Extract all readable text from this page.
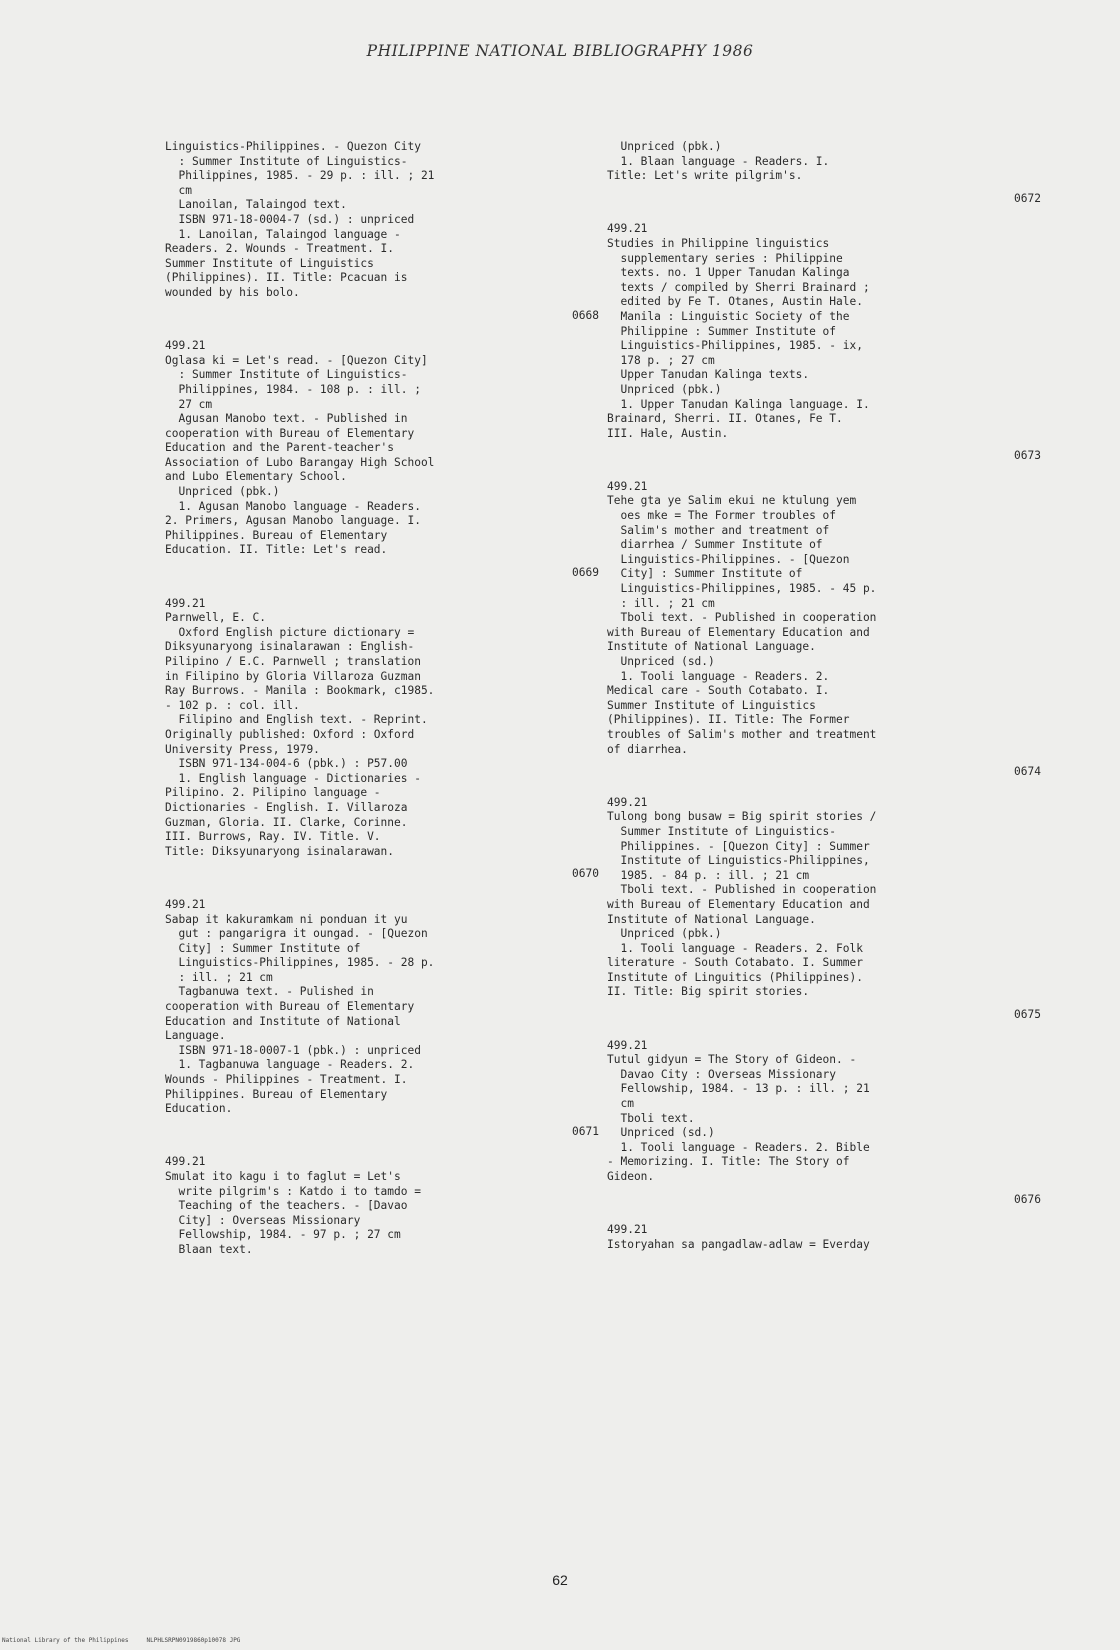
PHILIPPINE NATIONAL BIBLIOGRAPHY 1986
Linguistics-Philippines. - Quezon City
: Summer Institute of Linguistics-
Philippines, 1985. - 29 p. : ill. ; 21
cm
Lanoilan, Talaingod text.
ISBN 971-18-0004-7 (sd.) : unpriced
1. Lanoilan, Talaingod language -
Readers. 2. Wounds - Treatment. I.
Summer Institute of Linguistics
(Philippines). II. Title: Pcacuan is
wounded by his bolo.
0668
499.21
Oglasa ki = Let's read. - [Quezon City]
: Summer Institute of Linguistics-
Philippines, 1984. - 108 p. : ill. ;
27 cm
Agusan Manobo text. - Published in
cooperation with Bureau of Elementary
Education and the Parent-teacher's
Association of Lubo Barangay High School
and Lubo Elementary School.
Unpriced (pbk.)
1. Agusan Manobo language - Readers.
2. Primers, Agusan Manobo language. I.
Philippines. Bureau of Elementary
Education. II. Title: Let's read.
0669
499.21
Parnwell, E. C.
Oxford English picture dictionary =
Diksyunaryong isinalarawan : English-
Pilipino / E.C. Parnwell ; translation
in Filipino by Gloria Villaroza Guzman
Ray Burrows. - Manila : Bookmark, c1985.
- 102 p. : col. ill.
Filipino and English text. - Reprint.
Originally published: Oxford : Oxford
University Press, 1979.
ISBN 971-134-004-6 (pbk.) : P57.00
1. English language - Dictionaries -
Pilipino. 2. Pilipino language -
Dictionaries - English. I. Villaroza
Guzman, Gloria. II. Clarke, Corinne.
III. Burrows, Ray. IV. Title. V.
Title: Diksyunaryong isinalarawan.
0670
499.21
Sabap it kakuramkam ni ponduan it yu
gut : pangarigra it oungad. - [Quezon
City] : Summer Institute of
Linguistics-Philippines, 1985. - 28 p.
: ill. ; 21 cm
Tagbanuwa text. - Pulished in
cooperation with Bureau of Elementary
Education and Institute of National
Language.
ISBN 971-18-0007-1 (pbk.) : unpriced
1. Tagbanuwa language - Readers. 2.
Wounds - Philippines - Treatment. I.
Philippines. Bureau of Elementary
Education.
0671
499.21
Smulat ito kagu i to faglut = Let's
write pilgrim's : Katdo i to tamdo =
Teaching of the teachers. - [Davao
City] : Overseas Missionary
Fellowship, 1984. - 97 p. ; 27 cm
Blaan text.
Unpriced (pbk.)
1. Blaan language - Readers. I.
Title: Let's write pilgrim's.
0672
499.21
Studies in Philippine linguistics
supplementary series : Philippine
texts. no. 1 Upper Tanudan Kalinga
texts / compiled by Sherri Brainard ;
edited by Fe T. Otanes, Austin Hale.
Manila : Linguistic Society of the
Philippine : Summer Institute of
Linguistics-Philippines, 1985. - ix,
178 p. ; 27 cm
Upper Tanudan Kalinga texts.
Unpriced (pbk.)
1. Upper Tanudan Kalinga language. I.
Brainard, Sherri. II. Otanes, Fe T.
III. Hale, Austin.
0673
499.21
Tehe gta ye Salim ekui ne ktulung yem
oes mke = The Former troubles of
Salim's mother and treatment of
diarrhea / Summer Institute of
Linguistics-Philippines. - [Quezon
City] : Summer Institute of
Linguistics-Philippines, 1985. - 45 p.
: ill. ; 21 cm
Tboli text. - Published in cooperation
with Bureau of Elementary Education and
Institute of National Language.
Unpriced (sd.)
1. Tooli language - Readers. 2.
Medical care - South Cotabato. I.
Summer Institute of Linguistics
(Philippines). II. Title: The Former
troubles of Salim's mother and treatment
of diarrhea.
0674
499.21
Tulong bong busaw = Big spirit stories /
Summer Institute of Linguistics-
Philippines. - [Quezon City] : Summer
Institute of Linguistics-Philippines,
1985. - 84 p. : ill. ; 21 cm
Tboli text. - Published in cooperation
with Bureau of Elementary Education and
Institute of National Language.
Unpriced (pbk.)
1. Tooli language - Readers. 2. Folk
literature - South Cotabato. I. Summer
Institute of Linguitics (Philippines).
II. Title: Big spirit stories.
0675
499.21
Tutul gidyun = The Story of Gideon. -
Davao City : Overseas Missionary
Fellowship, 1984. - 13 p. : ill. ; 21
cm
Tboli text.
Unpriced (sd.)
1. Tooli language - Readers. 2. Bible
- Memorizing. I. Title: The Story of
Gideon.
0676
499.21
Istoryahan sa pangadlaw-adlaw = Everday
62
National Library of the Philippines     NLPHLSRPN0919860p10078 JPG
